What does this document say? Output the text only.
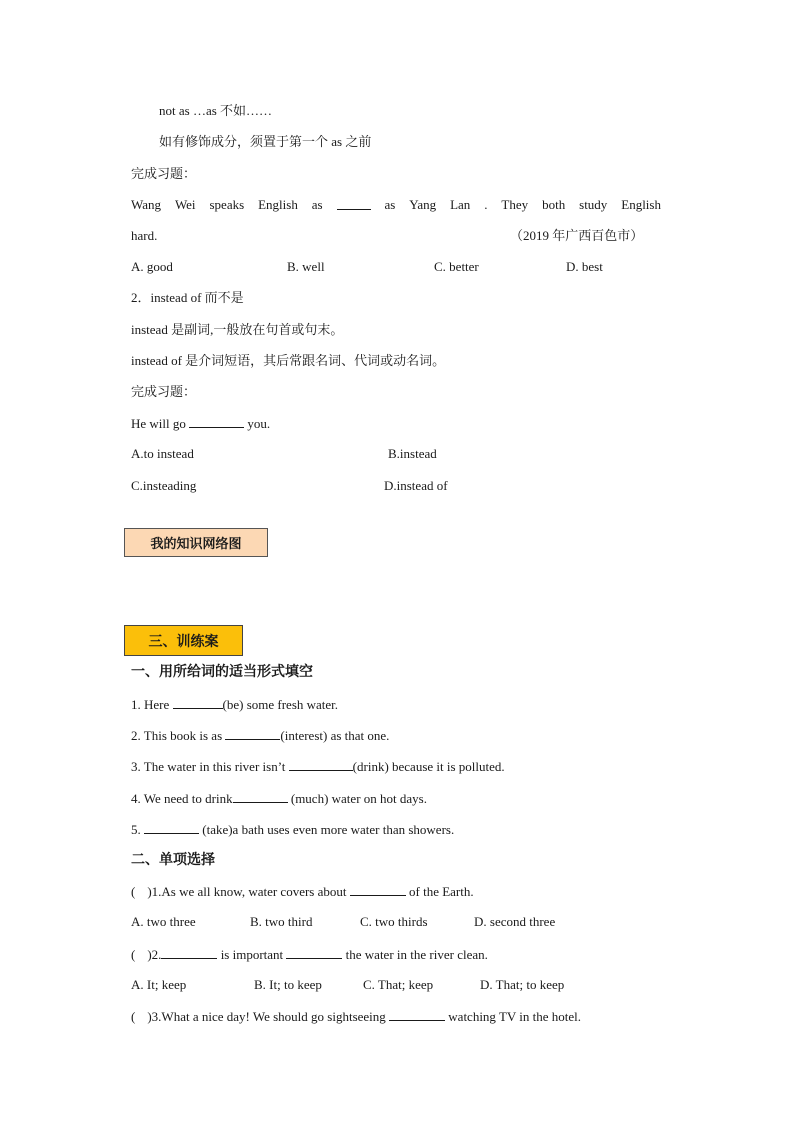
not as …as 不如……
如有修饰成分，须置于第一个 as 之前
完成习题：
Wang Wei speaks English as	as Yang Lan . They both study English
hard.	（2019 年广西百色市）
A. good	B. well	C. better	D. best
2．instead of 而不是
instead 是副词,一般放在句首或句末。
instead of 是介词短语，其后常跟名词、代词或动名词。
完成习题：
He will go	you.
A.to instead	B.instead
C.insteading	D.instead of
我的知识网络图
三、训练案
一、用所给词的适当形式填空
1. Here	(be) some fresh water.
2. This book is as	(interest) as that one.
3. The water in this river isn’t	(drink) because it is polluted.
4. We need to drink	(much) water on hot days.
5.	(take)a bath uses even more water than showers.
二、单项选择
( )1.As we all know, water covers about	of the Earth.
A. two three	B. two third	C. two thirds	D. second three
( )2.	is important	the water in the river clean.
A. It; keep	B. It; to keep	C. That; keep	D. That; to keep
( )3.What a nice day! We should go sightseeing	watching TV in the hotel.
